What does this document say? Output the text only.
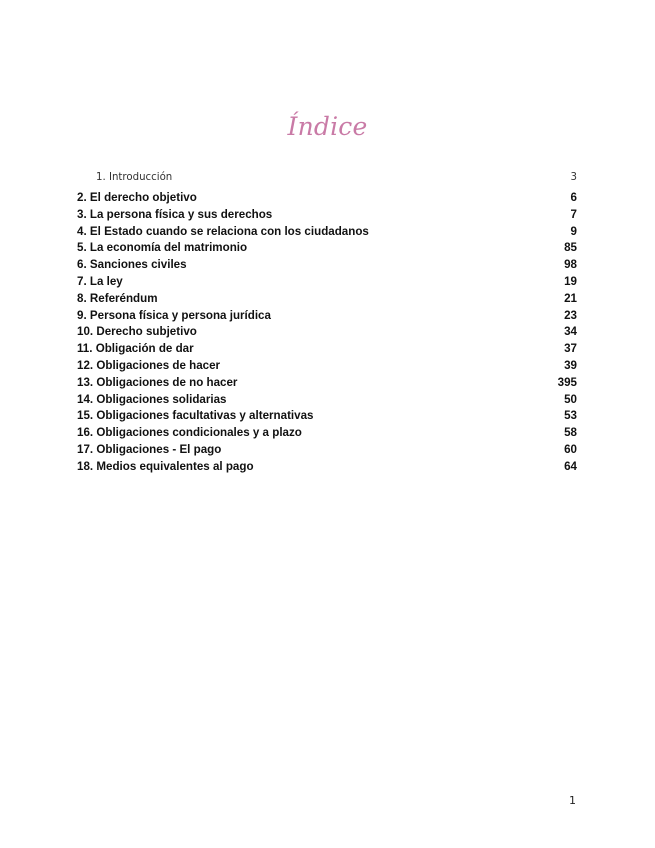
Índice
1. Introducción	3
2. El derecho objetivo	6
3. La persona física y sus derechos	7
4. El Estado cuando se relaciona con los ciudadanos	9
5. La economía del matrimonio	85
6. Sanciones civiles	98
7. La ley	19
8. Referéndum	21
9. Persona física y persona jurídica	23
10. Derecho subjetivo	34
11. Obligación de dar	37
12. Obligaciones de hacer	39
13. Obligaciones de no hacer	395
14. Obligaciones solidarias	50
15. Obligaciones facultativas y alternativas	53
16. Obligaciones condicionales y a plazo	58
17. Obligaciones - El pago	60
18. Medios equivalentes al pago	64
1
